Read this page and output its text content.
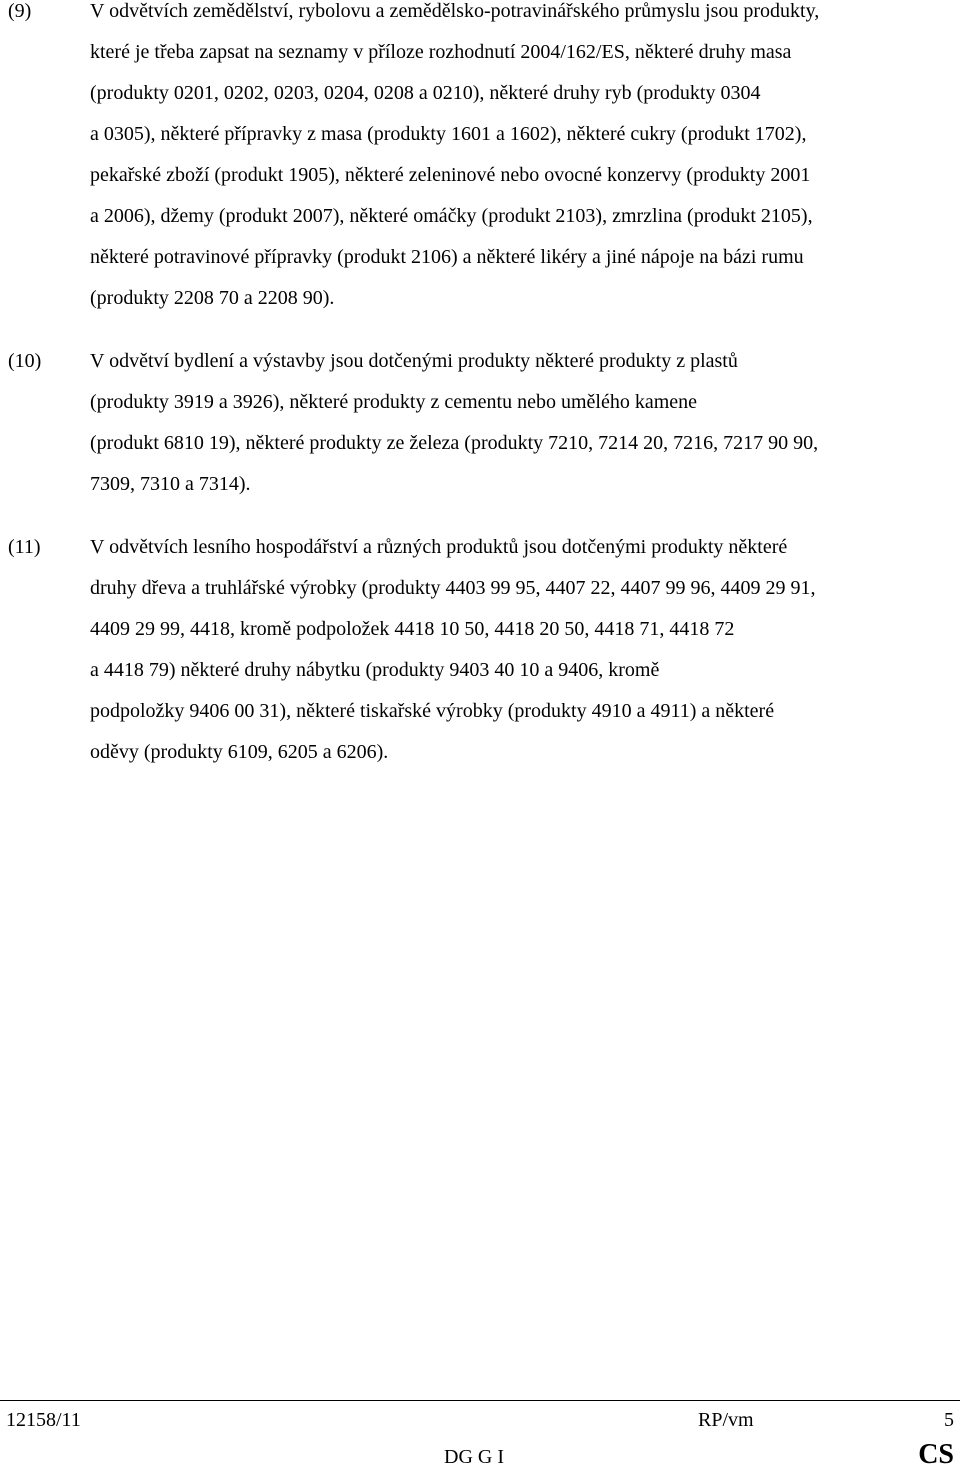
(9)	V odvětvích zemědělství, rybolovu a zemědělsko-potravinářského průmyslu jsou produkty,
které je třeba zapsat na seznamy v příloze rozhodnutí 2004/162/ES, některé druhy masa
(produkty 0201, 0202, 0203, 0204, 0208 a 0210), některé druhy ryb (produkty 0304
a 0305), některé přípravky z masa (produkty 1601 a 1602), některé cukry (produkt 1702),
pekařské zboží (produkt 1905), některé zeleninové nebo ovocné konzervy (produkty 2001
a 2006), džemy (produkt 2007), některé omáčky (produkt 2103), zmrzlina (produkt 2105),
některé potravinové přípravky (produkt 2106) a některé likéry a jiné nápoje na bázi rumu
(produkty 2208 70 a 2208 90).
(10) V odvětví bydlení a výstavby jsou dotčenými produkty některé produkty z plastů
(produkty 3919 a 3926), některé produkty z cementu nebo umělého kamene
(produkt 6810 19), některé produkty ze železa (produkty 7210, 7214 20, 7216, 7217 90 90,
7309, 7310 a 7314).
(11) V odvětvích lesního hospodářství a různých produktů jsou dotčenými produkty některé
druhy dřeva a truhlářské výrobky (produkty 4403 99 95, 4407 22, 4407 99 96, 4409 29 91,
4409 29 99, 4418, kromě podpoložek 4418 10 50, 4418 20 50, 4418 71, 4418 72
a 4418 79) některé druhy nábytku (produkty 9403 40 10 a 9406, kromě
podpoložky 9406 00 31), některé tiskařské výrobky (produkty 4910 a 4911) a některé
oděvy (produkty 6109, 6205 a 6206).
12158/11	RP/vm	5
DG G I	CS
